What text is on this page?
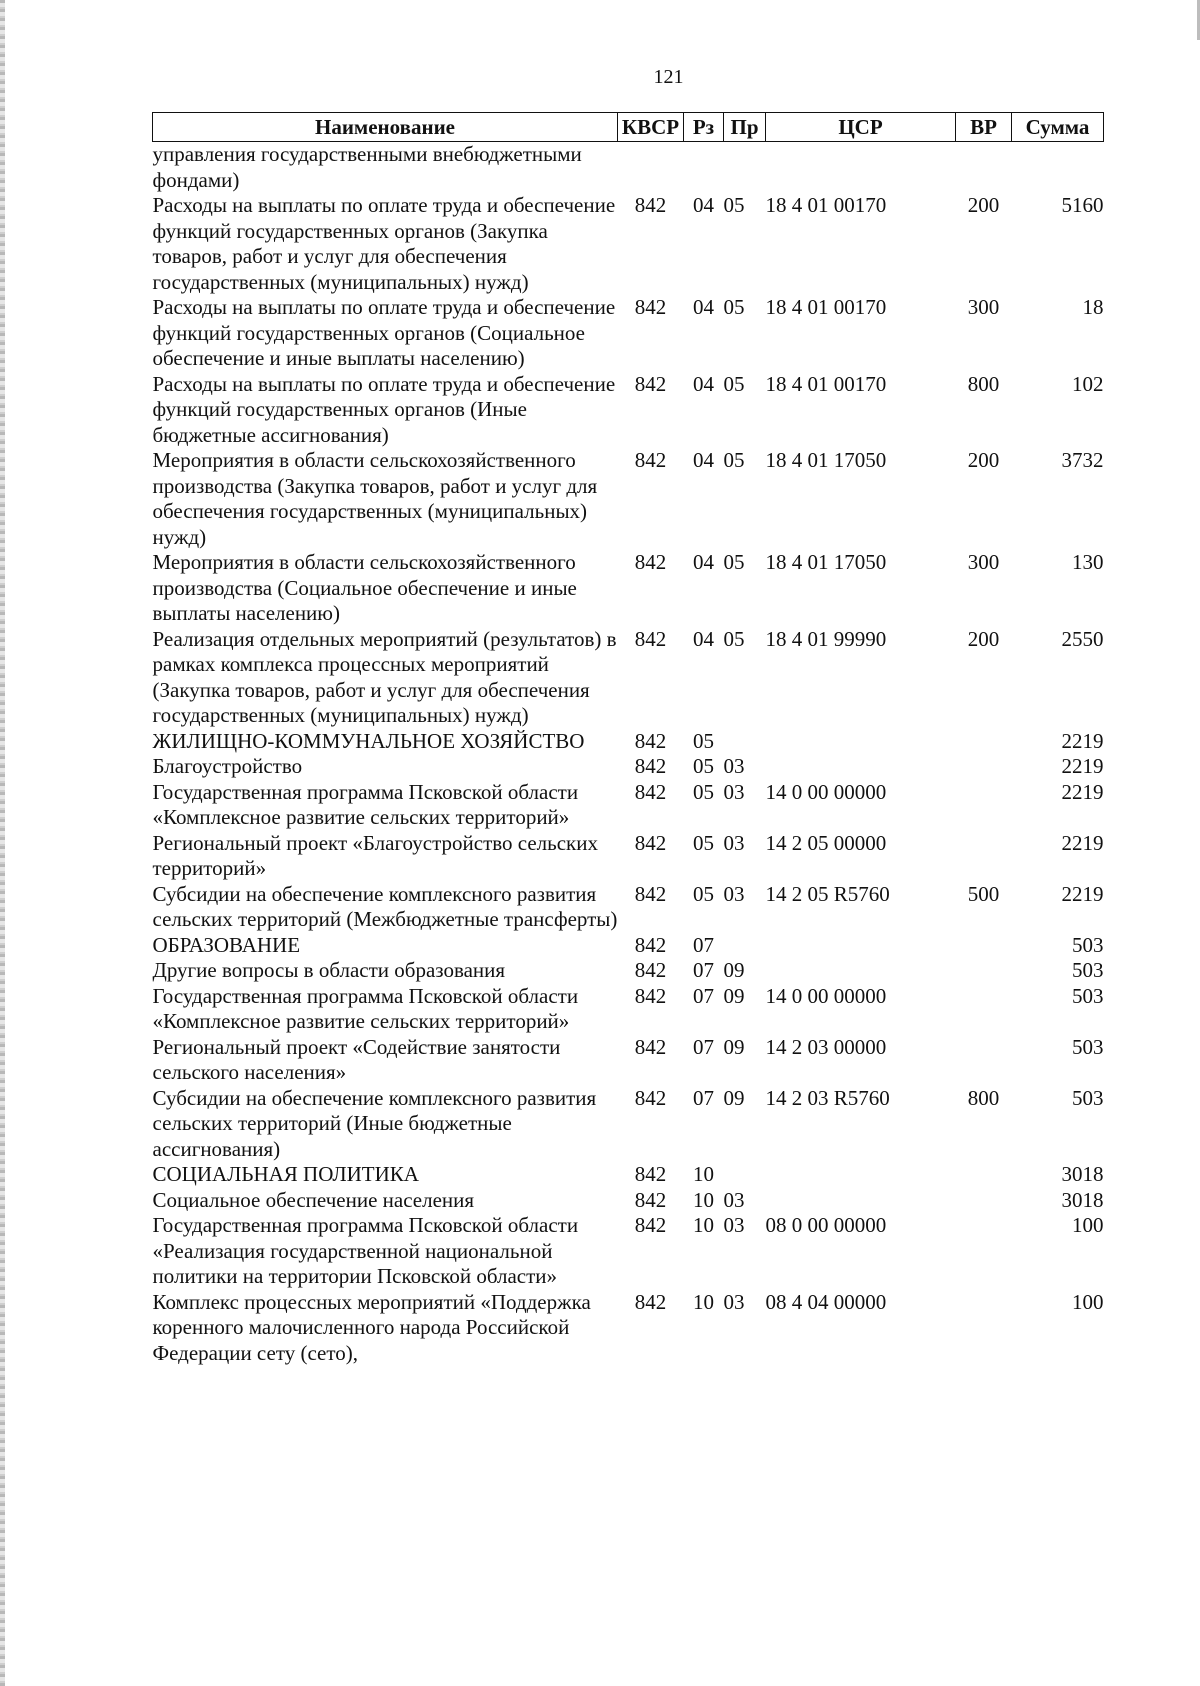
121
Наименование	КВСР	Рз	Пр	ЦСР	ВР	Сумма
управления государственными внебюджетными фондами)						
Расходы на выплаты по оплате труда и обеспечение функций государственных органов (Закупка товаров, работ и услуг для обеспечения государственных (муниципальных) нужд)	842	04	05	18 4 01 00170	200	5160
Расходы на выплаты по оплате труда и обеспечение функций государственных органов (Социальное обеспечение и иные выплаты населению)	842	04	05	18 4 01 00170	300	18
Расходы на выплаты по оплате труда и обеспечение функций государственных органов (Иные бюджетные ассигнования)	842	04	05	18 4 01 00170	800	102
Мероприятия в области сельскохозяйственного производства (Закупка товаров, работ и услуг для обеспечения государственных (муниципальных) нужд)	842	04	05	18 4 01 17050	200	3732
Мероприятия в области сельскохозяйственного производства (Социальное обеспечение и иные выплаты населению)	842	04	05	18 4 01 17050	300	130
Реализация отдельных мероприятий (результатов) в рамках комплекса процессных мероприятий (Закупка товаров, работ и услуг для обеспечения государственных (муниципальных) нужд)	842	04	05	18 4 01 99990	200	2550
ЖИЛИЩНО-КОММУНАЛЬНОЕ ХОЗЯЙСТВО	842	05				2219
Благоустройство	842	05	03			2219
Государственная программа Псковской области «Комплексное развитие сельских территорий»	842	05	03	14 0 00 00000		2219
Региональный проект «Благоустройство сельских территорий»	842	05	03	14 2 05 00000		2219
Субсидии на обеспечение комплексного развития сельских территорий (Межбюджетные трансферты)	842	05	03	14 2 05 R5760	500	2219
ОБРАЗОВАНИЕ	842	07				503
Другие вопросы в области образования	842	07	09			503
Государственная программа Псковской области «Комплексное развитие сельских территорий»	842	07	09	14 0 00 00000		503
Региональный проект «Содействие занятости сельского населения»	842	07	09	14 2 03 00000		503
Субсидии на обеспечение комплексного развития сельских территорий (Иные бюджетные ассигнования)	842	07	09	14 2 03 R5760	800	503
СОЦИАЛЬНАЯ ПОЛИТИКА	842	10				3018
Социальное обеспечение населения	842	10	03			3018
Государственная программа Псковской области «Реализация государственной национальной политики на территории Псковской области»	842	10	03	08 0 00 00000		100
Комплекс процессных мероприятий «Поддержка коренного малочисленного народа Российской Федерации сету (сето),	842	10	03	08 4 04 00000		100
